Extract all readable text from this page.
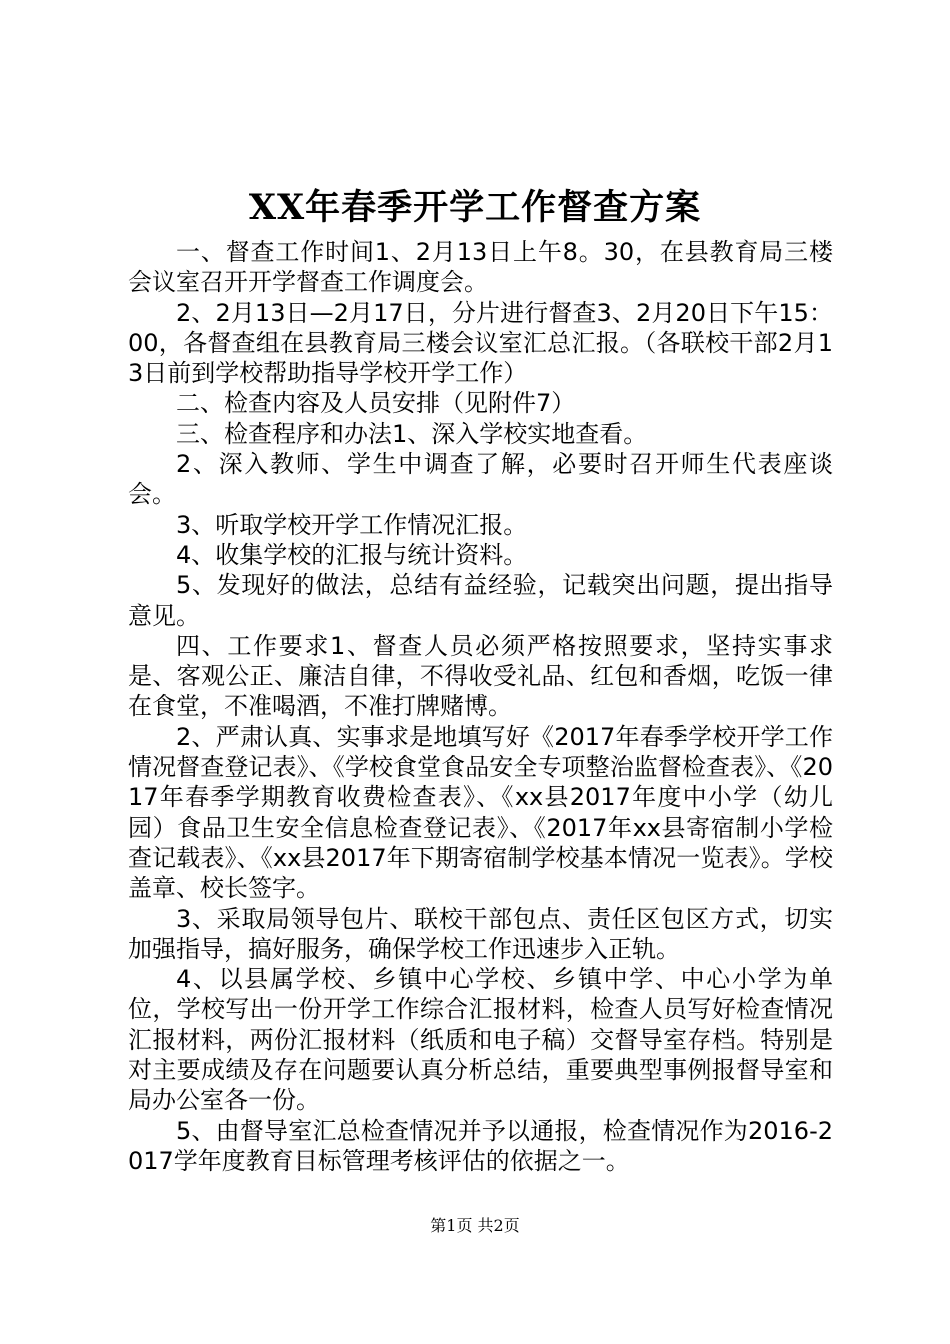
XX年春季开学工作督查方案

一、督查工作时间1、2月13日上午8。30，在县教育局三楼会议室召开开学督查工作调度会。

2、2月13日—2月17日，分片进行督查3、2月20日下午15：00，各督查组在县教育局三楼会议室汇总汇报。（各联校干部2月13日前到学校帮助指导学校开学工作）

二、检查内容及人员安排（见附件7）

三、检查程序和办法1、深入学校实地查看。

2、深入教师、学生中调查了解，必要时召开师生代表座谈会。

3、听取学校开学工作情况汇报。

4、收集学校的汇报与统计资料。

5、发现好的做法，总结有益经验，记载突出问题，提出指导意见。

四、工作要求1、督查人员必须严格按照要求，坚持实事求是、客观公正、廉洁自律，不得收受礼品、红包和香烟，吃饭一律在食堂，不准喝酒，不准打牌赌博。

2、严肃认真、实事求是地填写好《2017年春季学校开学工作情况督查登记表》、《学校食堂食品安全专项整治监督检查表》、《2017年春季学期教育收费检查表》、《xx县2017年度中小学（幼儿园）食品卫生安全信息检查登记表》、《2017年xx县寄宿制小学检查记载表》、《xx县2017年下期寄宿制学校基本情况一览表》。学校盖章、校长签字。

3、采取局领导包片、联校干部包点、责任区包区方式，切实加强指导，搞好服务，确保学校工作迅速步入正轨。

4、以县属学校、乡镇中心学校、乡镇中学、中心小学为单位，学校写出一份开学工作综合汇报材料，检查人员写好检查情况汇报材料，两份汇报材料（纸质和电子稿）交督导室存档。特别是对主要成绩及存在问题要认真分析总结，重要典型事例报督导室和局办公室各一份。

5、由督导室汇总检查情况并予以通报，检查情况作为2016-2017学年度教育目标管理考核评估的依据之一。

第1页 共2页
